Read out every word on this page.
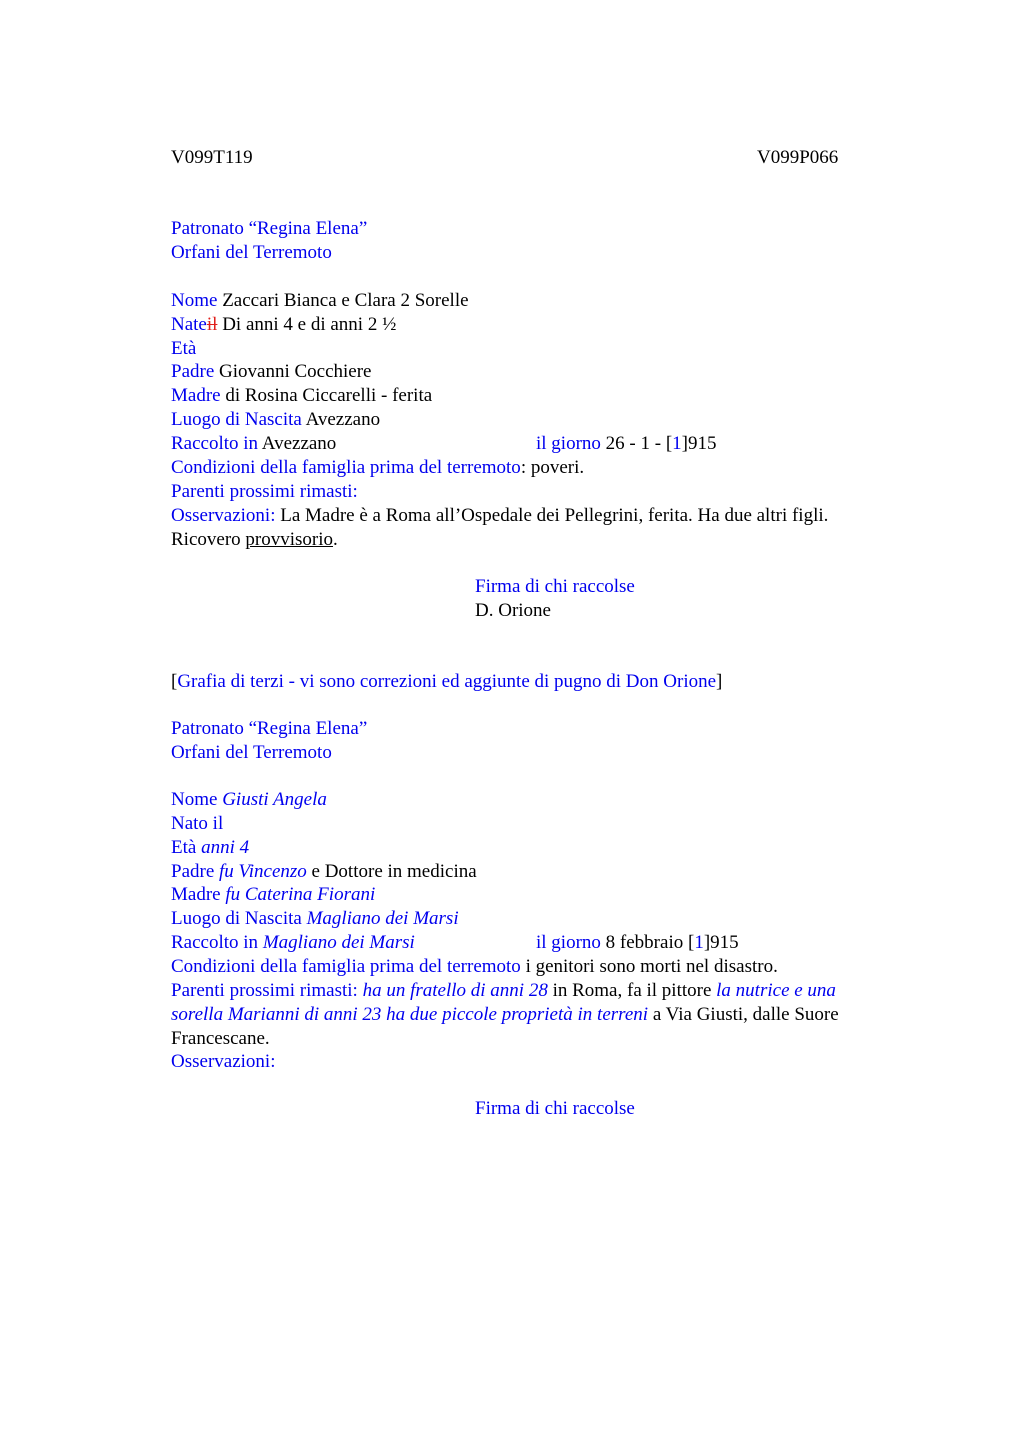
V099T119	V099P066
Patronato “Regina Elena”
Orfani del Terremoto
Nome Zaccari Bianca e Clara 2 Sorelle
Nateil Di anni 4 e di anni 2 ½
Età
Padre Giovanni Cocchiere
Madre di Rosina Ciccarelli - ferita
Luogo di Nascita Avezzano
Raccolto in Avezzano	il giorno 26 - 1 - [1]915
Condizioni della famiglia prima del terremoto: poveri.
Parenti prossimi rimasti:
Osservazioni: La Madre è a Roma all’Ospedale dei Pellegrini, ferita. Ha due altri figli.
Ricovero provvisorio.
Firma di chi raccolse
D. Orione
[Grafia di terzi - vi sono correzioni ed aggiunte di pugno di Don Orione]
Patronato “Regina Elena”
Orfani del Terremoto
Nome Giusti Angela
Nato il
Età anni 4
Padre fu Vincenzo e Dottore in medicina
Madre fu Caterina Fiorani
Luogo di Nascita Magliano dei Marsi
Raccolto in Magliano dei Marsi	il giorno 8 febbraio [1]915
Condizioni della famiglia prima del terremoto i genitori sono morti nel disastro.
Parenti prossimi rimasti: ha un fratello di anni 28 in Roma, fa il pittore la nutrice e una
sorella Marianni di anni 23 ha due piccole proprietà in terreni a Via Giusti, dalle Suore
Francescane.
Osservazioni:
Firma di chi raccolse
